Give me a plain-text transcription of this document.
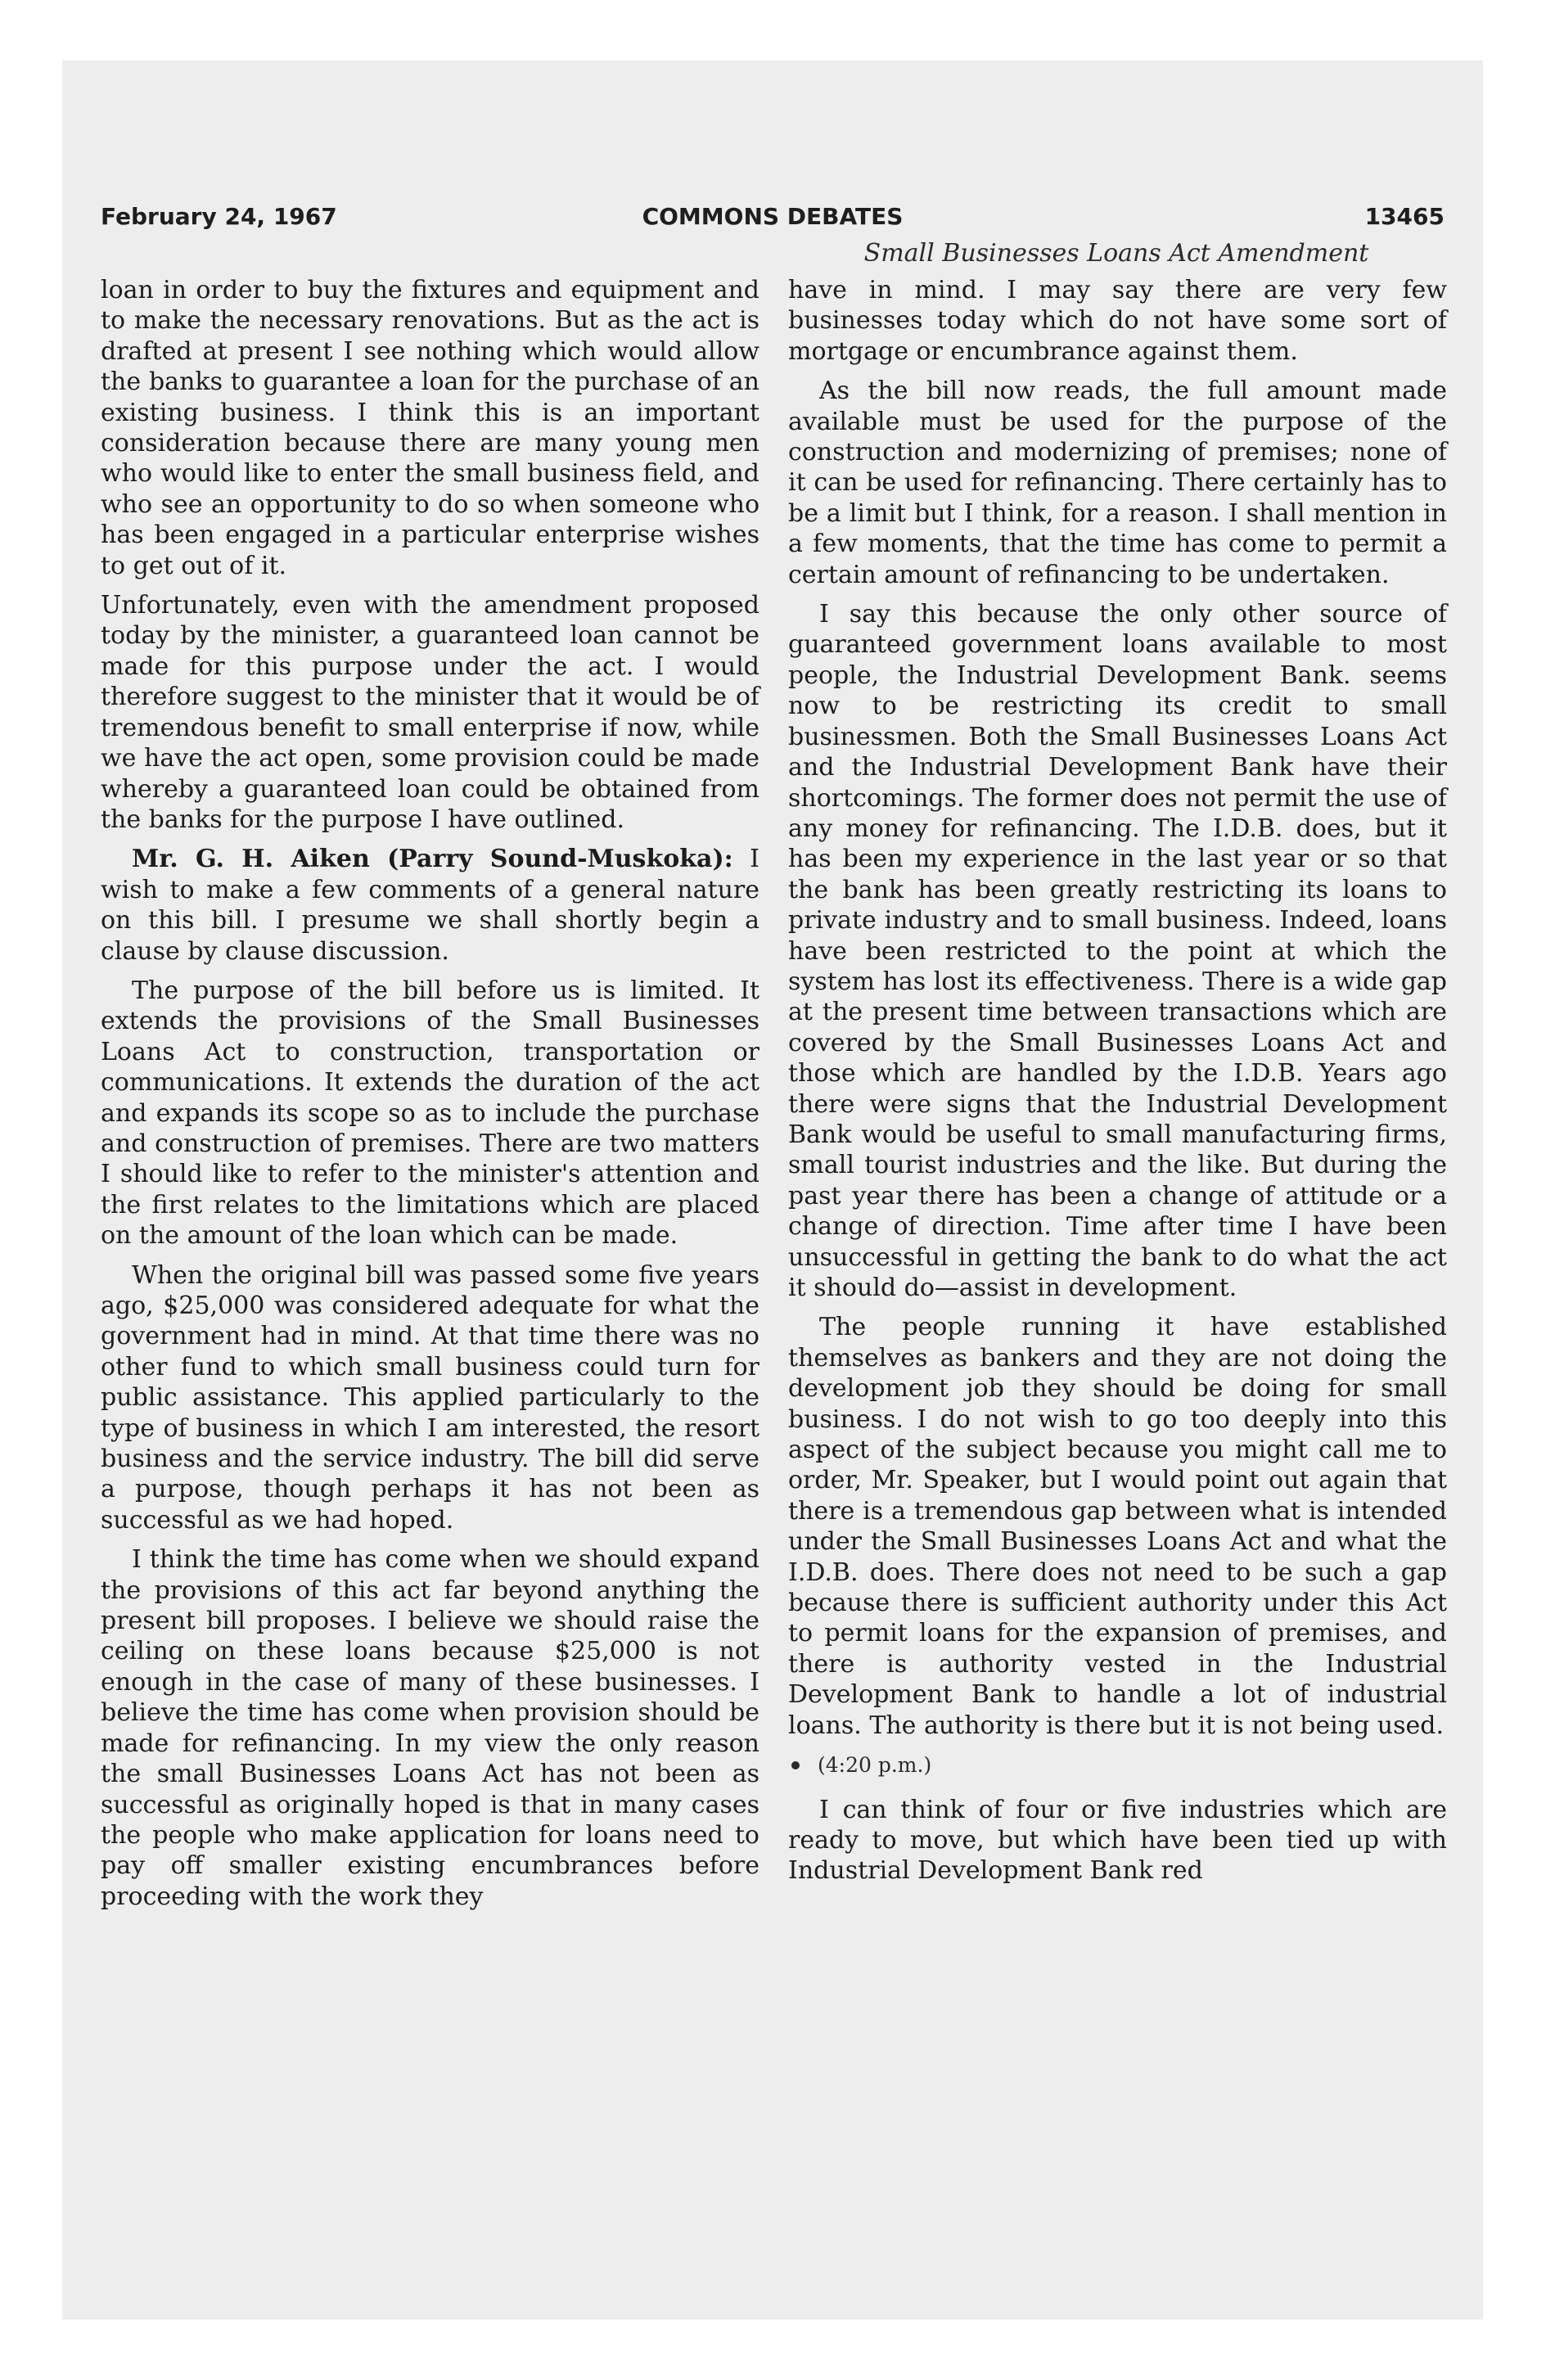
February 24, 1967	COMMONS DEBATES	13465
Small Businesses Loans Act Amendment

loan in order to buy the fixtures and equipment and to make the necessary renovations. But as the act is drafted at present I see nothing which would allow the banks to guarantee a loan for the purchase of an existing business. I think this is an important consideration because there are many young men who would like to enter the small business field, and who see an opportunity to do so when someone who has been engaged in a particular enterprise wishes to get out of it.

Unfortunately, even with the amendment proposed today by the minister, a guaranteed loan cannot be made for this purpose under the act. I would therefore suggest to the minister that it would be of tremendous benefit to small enterprise if now, while we have the act open, some provision could be made whereby a guaranteed loan could be obtained from the banks for the purpose I have outlined.

Mr. G. H. Aiken (Parry Sound-Muskoka): I wish to make a few comments of a general nature on this bill. I presume we shall shortly begin a clause by clause discussion.

The purpose of the bill before us is limited. It extends the provisions of the Small Businesses Loans Act to construction, transportation or communications. It extends the duration of the act and expands its scope so as to include the purchase and construction of premises. There are two matters I should like to refer to the minister's attention and the first relates to the limitations which are placed on the amount of the loan which can be made.

When the original bill was passed some five years ago, $25,000 was considered adequate for what the government had in mind. At that time there was no other fund to which small business could turn for public assistance. This applied particularly to the type of business in which I am interested, the resort business and the service industry. The bill did serve a purpose, though perhaps it has not been as successful as we had hoped.

I think the time has come when we should expand the provisions of this act far beyond anything the present bill proposes. I believe we should raise the ceiling on these loans because $25,000 is not enough in the case of many of these businesses. I believe the time has come when provision should be made for refinancing. In my view the only reason the small Businesses Loans Act has not been as successful as originally hoped is that in many cases the people who make application for loans need to pay off smaller existing encumbrances before proceeding with the work they

have in mind. I may say there are very few businesses today which do not have some sort of mortgage or encumbrance against them.

As the bill now reads, the full amount made available must be used for the purpose of the construction and modernizing of premises; none of it can be used for refinancing. There certainly has to be a limit but I think, for a reason. I shall mention in a few moments, that the time has come to permit a certain amount of refinancing to be undertaken.

I say this because the only other source of guaranteed government loans available to most people, the Industrial Development Bank. seems now to be restricting its credit to small businessmen. Both the Small Businesses Loans Act and the Industrial Development Bank have their shortcomings. The former does not permit the use of any money for refinancing. The I.D.B. does, but it has been my experience in the last year or so that the bank has been greatly restricting its loans to private industry and to small business. Indeed, loans have been restricted to the point at which the system has lost its effectiveness. There is a wide gap at the present time between transactions which are covered by the Small Businesses Loans Act and those which are handled by the I.D.B. Years ago there were signs that the Industrial Development Bank would be useful to small manufacturing firms, small tourist industries and the like. But during the past year there has been a change of attitude or a change of direction. Time after time I have been unsuccessful in getting the bank to do what the act it should do—assist in development.

The people running it have established themselves as bankers and they are not doing the development job they should be doing for small business. I do not wish to go too deeply into this aspect of the subject because you might call me to order, Mr. Speaker, but I would point out again that there is a tremendous gap between what is intended under the Small Businesses Loans Act and what the I.D.B. does. There does not need to be such a gap because there is sufficient authority under this Act to permit loans for the expansion of premises, and there is authority vested in the Industrial Development Bank to handle a lot of industrial loans. The authority is there but it is not being used.

(4:20 p.m.)

I can think of four or five industries which are ready to move, but which have been tied up with Industrial Development Bank red
